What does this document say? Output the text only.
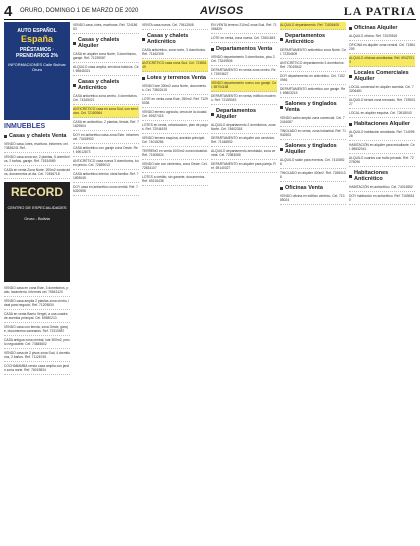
4	ORURO, DOMINGO 1 DE MARZO DE 2020	AVISOS	LA PATRIA
AUTO ESPAÑOL
España
PRÉSTAMOS · PRENDARIOS 2%
INFORMACIONES Calle Bolívar Oruro
INMUEBLES
Casas y chalets Venta

VENDO casa, lotes, escritura. Informes: cel. 73836241 Ref.

VENDO casa zona sur, 2 plantas, 5 dormitorios, 2 baños, garaje. Ref. 71834569

CASA en venta Zona Norte, 200m2 construidos, documentos al día. Cel. 72456718

RECORD
CENTRO DE ESPECIALIDADES
Oruro - Bolivia

VENDO casa en zona Este, 3 dormitorios, patio, lavandería. Informes cel. 76543120

VENDO casa amplia 2 plantas zona centro, ideal para negocio. Ref. 71209834

CASA en venta Barrio Vergel, a una cuadra de avenida principal. Cel. 69580213

VENDO casa con tienda, zona Oeste, garaje, documentos saneados. Ref. 72310987

CASA antigua zona central, lote 300m2, precio negociable. Cel. 73845602

VENDO casa de 2 pisos zona Sud, 4 dormitorios, 2 baños. Ref. 71126745

COCHABAMBA vendo casa amplia con jardín zona norte. Ref. 76019834

VENDO casa, lotes, escrituras. Ref. 72418653

Casas y chalets Alquiler

CASA en alquiler zona Norte, 3 dormitorios, garaje. Ref. 71239087

ALQUILO casa amplia, servicios básicos. Cel. 69845321

Casas y chalets Anticrético

CASA anticrético zona centro, 4 dormitorios. Cel. 74345021

ANTICRÉTICO casa en zona Sud, con servicios. Cel. 72180564

CASA en anticrético, 2 plantas, tienda. Ref. 71629504

DOY en anticrético casa zona Este. Informes cel. 73418902

CASA anticrético con garaje zona Oeste. Ref. 69012873

ANTICRÉTICO casa nueva 3 dormitorios, buen precio. Cel. 72659013

CASA anticrético interior, ideal familia. Ref. 71893045

DOY casa en anticrético zona central. Ref. 76320598

VENTA casa nueva. Cel. 79412508

Casas y chalets Anticrético

CASA anticrético, zona norte, 3 dormitorios. Ref. 71462305

ANTICRÉTICO casa zona Sud. Cel. 72385149

Lotes y terrenos Venta

VENDO lote 300m2 zona Norte, documentos. Cel. 73802415

LOTE en venta zona Este, 250m2. Ref. 71295038

VENDO terreno agrícola, cerca de la ciudad. Cel. 69327415

LOTES en venta, urbanización, plan de pagos. Ref. 72046193

VENDO terreno esquina, avenida principal. Cel. 74018256

TERRENO en venta 1000m2 zona industrial. Ref. 71605824

VENDO lote con cimientos, zona Oeste. Cel. 72834107

LOTES a crédito, sin garante, documentos. Ref. 69215438

EN VENTA terreno 210m2 zona Sud. Ref. 71054829

LOTE en venta, zona nueva. Cel. 72601843

Departamentos Venta

VENDO departamento 3 dormitorios, piso 2. Cel. 73249506

DEPARTAMENTO en venta zona centro. Ref. 71903627

VENDO departamento nuevo con garaje. Cel. 69704158

DEPARTAMENTO en venta, edificio moderno. Ref. 72159043

Departamentos Alquiler

ALQUILO departamento 2 dormitorios, zona Norte. Cel. 74602318

DEPARTAMENTO en alquiler con servicios. Ref. 71348592

ALQUILO departamento amoblado, zona central. Cel. 72983065

DEPARTAMENTO en alquiler para pareja. Ref. 69140327

ALQUILO departamento. Ref. 71826405

Departamentos Anticrético

DEPARTAMENTO anticrético zona Norte. Cel. 72354609

ANTICRÉTICO departamento 3 dormitorios. Ref. 73019842

DOY departamento en anticrético. Cel. 71520946

DEPARTAMENTO anticrético con garaje. Ref. 69803215

Salones y tinglados Venta

VENDO salón amplio zona comercial. Cel. 72416087

TINGLADO en venta, zona industrial. Ref. 71942503

Salones y tinglados Alquiler

ALQUILO salón para eventos. Cel. 74108926

TINGLADO en alquiler 400m2. Ref. 72650138

Oficinas Venta

VENDO oficina en edificio céntrico. Cel. 71385024

Oficinas Alquiler

ALQUILO oficina. Ref. 72039516

OFICINA en alquiler zona central. Cel. 71584209

ALQUILO oficinas amobladas. Ref. 69427013

Locales Comerciales Alquiler

LOCAL comercial en alquiler avenida. Cel. 73206481

ALQUILO tienda zona mercado. Ref. 71950327

LOCAL en alquiler esquina. Cel. 72618043

Habitaciones Alquiler

ALQUILO habitación amoblada. Ref. 71409528

HABITACIÓN en alquiler para estudiante. Cel. 69832041

ALQUILO cuartos con baño privado. Ref. 72275096

Habitaciones Anticrético

HABITACIÓN en anticrético. Cel. 74013852

DOY habitación en anticrético. Ref. 71696340
